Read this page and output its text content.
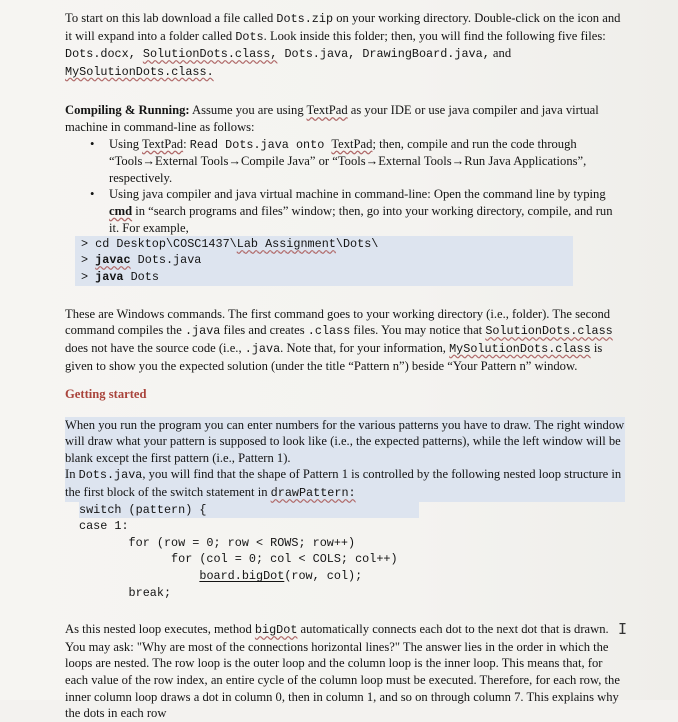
To start on this lab download a file called Dots.zip on your working directory. Double-click on the icon and it will expand into a folder called Dots. Look inside this folder; then, you will find the following five files: Dots.docx, SolutionDots.class, Dots.java, DrawingBoard.java, and MySolutionDots.class.

Compiling & Running: Assume you are using TextPad as your IDE or use java compiler and java virtual machine in command-line as follows:

• Using TextPad: Read Dots.java onto TextPad; then, compile and run the code through “Tools→External Tools→Compile Java” or “Tools→External Tools→Run Java Applications”, respectively.
• Using java compiler and java virtual machine in command-line: Open the command line by typing cmd in “search programs and files” window; then, go into your working directory, compile, and run it. For example,
> cd Desktop\COSC1437\Lab Assignment\Dots\
> javac Dots.java
> java Dots

These are Windows commands. The first command goes to your working directory (i.e., folder). The second command compiles the .java files and creates .class files. You may notice that SolutionDots.class does not have the source code (i.e., .java. Note that, for your information, MySolutionDots.class is given to show you the expected solution (under the title “Pattern n”) beside “Your Pattern n” window.

Getting started

When you run the program you can enter numbers for the various patterns you have to draw. The right window will draw what your pattern is supposed to look like (i.e., the expected patterns), while the left window will be blank except the first pattern (i.e., Pattern 1).

In Dots.java, you will find that the shape of Pattern 1 is controlled by the following nested loop structure in the first block of the switch statement in drawPattern:

switch (pattern) {
case 1:
for (row = 0; row < ROWS; row++)
for (col = 0; col < COLS; col++)
board.bigDot(row, col);
break;

I
As this nested loop executes, method bigDot automatically connects each dot to the next dot that is drawn. You may ask: "Why are most of the connections horizontal lines?" The answer lies in the order in which the loops are nested. The row loop is the outer loop and the column loop is the inner loop. This means that, for each value of the row index, an entire cycle of the column loop must be executed. Therefore, for each row, the inner column loop draws a dot in column 0, then in column 1, and so on through column 7. This explains why the dots in each row
